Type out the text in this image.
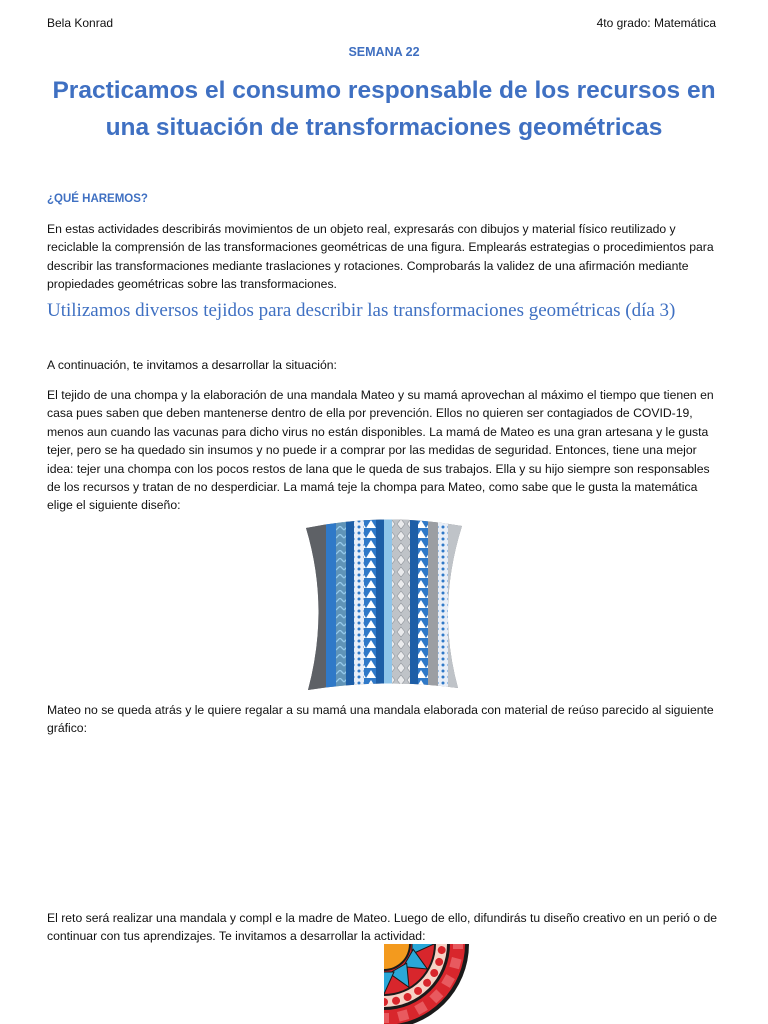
Bela Konrad	4to grado: Matemática
SEMANA 22
Practicamos el consumo responsable de los recursos en una situación de transformaciones geométricas
¿QUÉ HAREMOS?
En estas actividades describirás movimientos de un objeto real, expresarás con dibujos y material físico reutilizado y reciclable la comprensión de las transformaciones geométricas de una figura. Emplearás estrategias o procedimientos para describir las transformaciones mediante traslaciones y rotaciones. Comprobarás la validez de una afirmación mediante propiedades geométricas sobre las transformaciones.
Utilizamos diversos tejidos para describir las transformaciones geométricas (día 3)
A continuación, te invitamos a desarrollar la situación:
El tejido de una chompa y la elaboración de una mandala Mateo y su mamá aprovechan al máximo el tiempo que tienen en casa pues saben que deben mantenerse dentro de ella por prevención. Ellos no quieren ser contagiados de COVID-19, menos aun cuando las vacunas para dicho virus no están disponibles. La mamá de Mateo es una gran artesana y le gusta tejer, pero se ha quedado sin insumos y no puede ir a comprar por las medidas de seguridad. Entonces, tiene una mejor idea: tejer una chompa con los pocos restos de lana que le queda de sus trabajos. Ella y su hijo siempre son responsables de los recursos y tratan de no desperdiciar. La mamá teje la chompa para Mateo, como sabe que le gusta la matemática elige el siguiente diseño:
Mateo no se queda atrás y le quiere regalar a su mamá una mandala elaborada con material de reúso parecido al siguiente gráfico:
El reto será realizar una mandala y compl e la madre de Mateo. Luego de ello, difundirás tu diseño creativo en un perió o de continuar con tus aprendizajes. Te invitamos a desarrollar la actividad:
